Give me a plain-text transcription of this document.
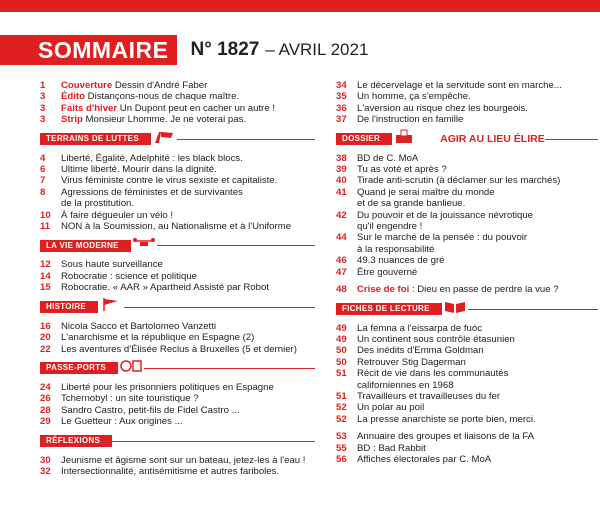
SOMMAIRE	N° 1827 – AVRIL 2021
1	Couverture Dessin d'André Faber
3	Édito Distançons-nous de chaque maître.
3	Faits d'hiver Un Dupont peut en cacher un autre !
3	Strip Monsieur Lhomme. Je ne voterai pas.
TERRAINS DE LUTTES
4	Liberté, Égalité, Adelphité : les black blocs.
6	Ultime liberté. Mourir dans la dignité.
7	Virus féministe contre le virus sexiste et capitaliste.
8	Agressions de féministes et de survivantes
de la prostitution.
10	À faire dégueuler un vélo !
11	NON à la Soumission, au Nationalisme et à l'Uniforme
LA VIE MODERNE
12	Sous haute surveillance
14	Robocratie : science et politique
15	Robocratie. « AAR » Apartheid Assisté par Robot
HISTOIRE
16	Nicola Sacco et Bartolomeo Vanzetti
20	L'anarchisme et la république en Espagne (2)
22	Les aventures d'Élisée Reclus à Bruxelles (5 et dernier)
PASSE-PORTS
24	Liberté pour les prisonniers politiques en Espagne
26	Tchernobyl : un site touristique ?
28	Sandro Castro, petit-fils de Fidel Castro ...
29	Le Guetteur : Aux origines ...
RÉFLEXIONS
30	Jeunisme et âgisme sont sur un bateau, jetez-les à l'eau !
32	Intersectionnalité, antisémitisme et autres fariboles.
34	Le décervelage et la servitude sont en marche...
35	Un homme, ça s'empêche.
36	L'aversion au risque chez les bourgeois.
37	De l'instruction en famille
DOSSIER	AGIR AU LIEU ÉLIRE
38	BD de C. MoA
39	Tu as voté et après ?
40	Tirade anti-scrutin (à déclamer sur les marchés)
41	Quand je serai maître du monde
et de sa grande banlieue.
42	Du pouvoir et de la jouissance névrotique
qu'il engendre !
44	Sur le marché de la pensée : du pouvoir
à la responsabilité
46	49.3 nuances de gré
47	Être gouverné
48	Crise de foi : Dieu en passe de perdre la vue ?
FICHES DE LECTURE
49	La femna a l'eissarpa de fuóc
49	Un continent sous contrôle étasunien
50	Des inédits d'Emma Goldman
50	Retrouver Stig Dagerman
51	Récit de vie dans les communautés
californiennes en 1968
51	Travailleurs et travailleuses du fer
52	Un polar au poil
52	La presse anarchiste se porte bien, merci.
53	Annuaire des groupes et liaisons de la FA
55	BD : Bad Rabbit
56	Affiches électorales par C. MoA
